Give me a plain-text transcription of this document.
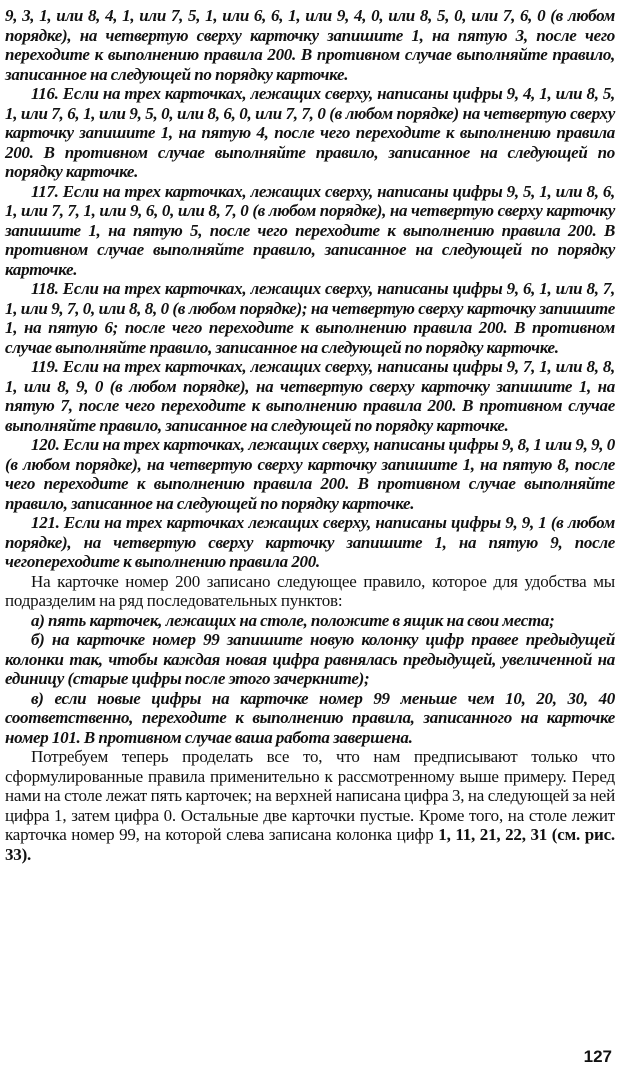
9, 3, 1, или 8, 4, 1, или 7, 5, 1, или 6, 6, 1, или 9, 4, 0, или 8, 5, 0, или 7, 6, 0 (в любом порядке), на четвертую сверху карточку запишите 1, на пятую 3, после чего переходите к выполнению правила 200. В противном случае выполняйте правило, записанное на следующей по порядку карточке.

116. Если на трех карточках, лежащих сверху, написаны цифры 9, 4, 1, или 8, 5, 1, или 7, 6, 1, или 9, 5, 0, или 8, 6, 0, или 7, 7, 0 (в любом порядке) на четвертую сверху карточку запишите 1, на пятую 4, после чего переходите к выполнению правила 200. В противном случае выполняйте правило, записанное на следующей по порядку карточке.

117. Если на трех карточках, лежащих сверху, написаны цифры 9, 5, 1, или 8, 6, 1, или 7, 7, 1, или 9, 6, 0, или 8, 7, 0 (в любом порядке), на четвертую сверху карточку запишите 1, на пятую 5, после чего переходите к выполнению правила 200. В противном случае выполняйте правило, записанное на следующей по порядку карточке.

118. Если на трех карточках, лежащих сверху, написаны цифры 9, 6, 1, или 8, 7, 1, или 9, 7, 0, или 8, 8, 0 (в любом порядке); на четвертую сверху карточку запишите 1, на пятую 6; после чего переходите к выполнению правила 200. В противном случае выполняйте правило, записанное на следующей по порядку карточке.

119. Если на трех карточках, лежащих сверху, написаны цифры 9, 7, 1, или 8, 8, 1, или 8, 9, 0 (в любом порядке), на четвертую сверху карточку запишите 1, на пятую 7, после чего переходите к выполнению правила 200. В противном случае выполняйте правило, записанное на следующей по порядку карточке.

120. Если на трех карточках, лежащих сверху, написаны цифры 9, 8, 1 или 9, 9, 0 (в любом порядке), на четвертую сверху карточку запишите 1, на пятую 8, после чего переходите к выполнению правила 200. В противном случае выполняйте правило, записанное на следующей по порядку карточке.

121. Если на трех карточках лежащих сверху, написаны цифры 9, 9, 1 (в любом порядке), на четвертую сверху карточку запишите 1, на пятую 9, после чегопереходите к выполнению правила 200.

На карточке номер 200 записано следующее правило, которое для удобства мы подразделим на ряд последовательных пунктов:

а) пять карточек, лежащих на столе, положите в ящик на свои места;

б) на карточке номер 99 запишите новую колонку цифр правее предыдущей колонки так, чтобы каждая новая цифра равнялась предыдущей, увеличенной на единицу (старые цифры после этого зачеркните);

в) если новые цифры на карточке номер 99 меньше чем 10, 20, 30, 40 соответственно, переходите к выполнению правила, записанного на карточке номер 101. В противном случае ваша работа завершена.

Потребуем теперь проделать все то, что нам предписывают только что сформулированные правила применительно к рассмотренному выше примеру. Перед нами на столе лежат пять карточек; на верхней написана цифра 3, на следующей за ней цифра 1, затем цифра 0. Остальные две карточки пустые. Кроме того, на столе лежит карточка номер 99, на которой слева записана колонка цифр 1, 11, 21, 22, 31 (см. рис. 33).

127
